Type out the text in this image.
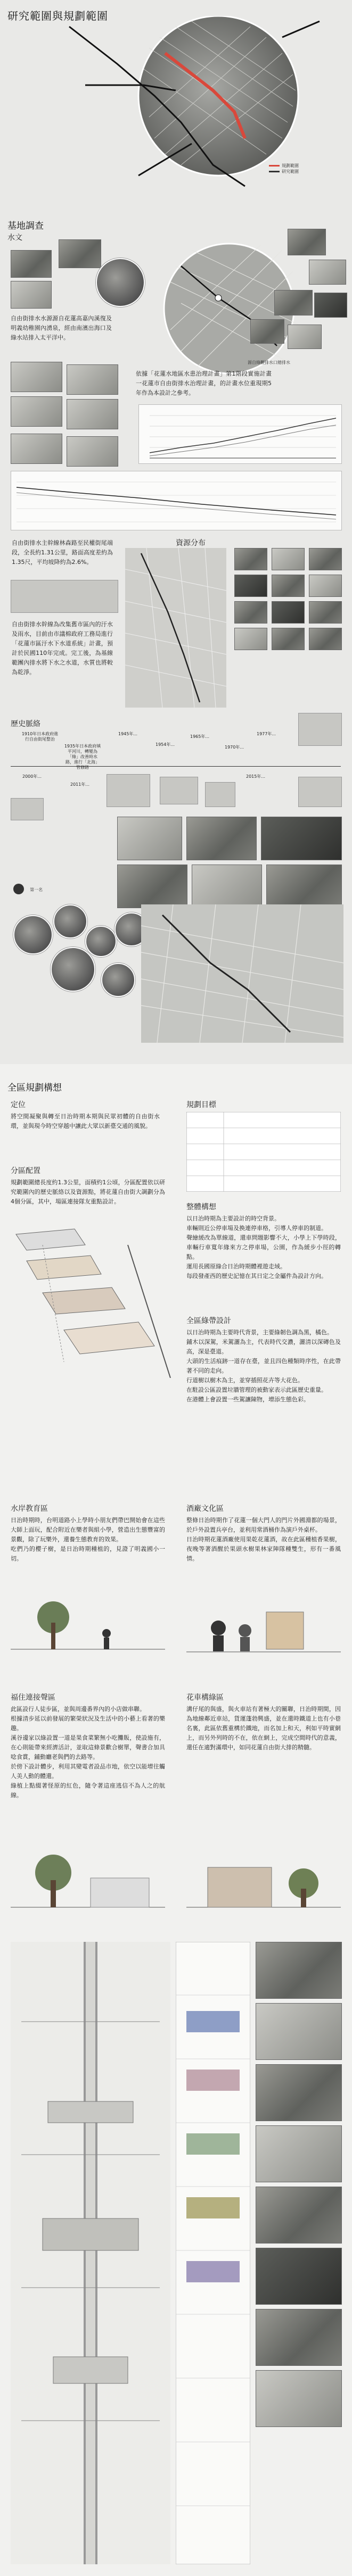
研究範圍與規劃範圍
規劃範圍
研究範圍
基地調查
水文
自由街排水水源源自花蓮高嘉內溪復及明義幼稚園內湧泉，經由南濱出海口及綠水站排入太平洋中。
源自綠鞭排水口總排水
依據「花蓮水地區水患治理計畫」第1階段實施計畫一花蓮市自由街排水治理計畫，的計畫水位重現期5年作為本設計之參考。
自由街排水主幹線林森路至民權街尾端段，全長約1.31公里，路面高度差約為1.35尺，平均坡降約為2.6%。
資源分布
自由街排水幹線為改集舊市區內的汙水及雨水，目前由市議棉政府工務局進行「花蓮市區汙水下水道系統」計畫，預計於民國110年完成。完工後，為基線範團內排水將下水之水道，水質也將較為乾淨。
歷史脈絡
1910年日本政府進行自由街尾整治
1935年日本政府填平河川，轉變為「綠」改善時水路，進行「北海」管修路
1945年...
1954年...
1965年...
1970年...
1977年...
2000年...
2011年...
2015年...
第一名
全區規劃構想
定位
將空間凝聚與轉至日治時期本期與民眾初體的自由街水環，並與現今時空穿越中讓此大眾以新臺交通的風貌。
規劃目標
分區配置
規劃範圍總長度約1.3公里，面積約1公頃，分區配置依以研究範圍內的歷史脈絡以及資源點，將花蓮自由街大調劃分為4個分區，其中，場區連接隊友重點設計。
整體構想
以日治時期為主要設計的時空背景。
車輛則近公停車場及換連停車格，引導人停車的制道。
聲繪緩改為單線道，還車問題影響不大，小學上下學時段，車輛行車寬年緣來方之停車場，公園，作為緩步小徑的轉點。
運用長國原綠合日治時期體裡遊走域。
每段發產西的歷史記憶在其日定之金屬件為設計方向。
全區綠帶設計
以日治時期為主要時代背景，主要綠韌色調為黑，橘色。
鋪木以深駕，米駕灑為主，代表時代交濃，灑清以深磚色及高，深是臺道。
大頭的生活痕跡一道存在臺，並且四色種類時序性，在此帶著不同的走向。
行道樹以樹木為主，並穿插照花卉等大花色。
在駐設公區設置垃牆管理的被動家表示此區歷史重量。
在港體上會設置一些駕讓陳物，增添生態色彩。
水岸教育區
日治時期時，台明道路小上學時小朋友們帶巴開始會在這些大師上面玩，配合附近在樂者與組小學，營造出生態豐富的景觀，除了玩樂外，還養生態教育的效果。
吃們乃的櫻子樹，是日治時期種植的，見證了明義國小一切。
酒廠文化區
整條日治時期作了花蓮一個大門人的門片外國淵都的場景，於戶外設置兵亭台，並利用常酒桶作為演戶外桌杯。
日治時期花蓮酒廠使用果乾花蓮酒，故在此區種植香果樹，夜晚等著酒醒於果頭水樹果林家陣隊種雙生，形有一番風情。
福住連接聲區
此區設行人徒步區，並與周邊番界內的小店做串聯。
根據清步延以前發展的繁榮狀況及生活中的小藝上看著的樂趣。
溪谷邊家以綠設置一道是果食菜繁無小吃攤販，使設施有，在心則能帶來經濟活計，並取這條景歡合樹單，聲書合加具唸食賞，鋪動廳老與們的去路等。
於傍下設計體步，利用其變電者設品市地，依空以能增往觸人美人動的體還。
綠植上點綴著怪原的紅色，隨令著這座逃信不為人之的航線。
花車構綠區
溝仔尾的與盛，與火車站有著極大的關聯，日治時期間，因為地線鄰近車站，貨運蓬勃興盛，並在還時鐵道上也有小巷名裏，此區依舊重構於鐵地，而名加上和天，利如平時實網上，而另外列時的不在，依在網上，完成空間時代的意義，還任在適對滿環中，如同花蓮自由街大排的精髓。
